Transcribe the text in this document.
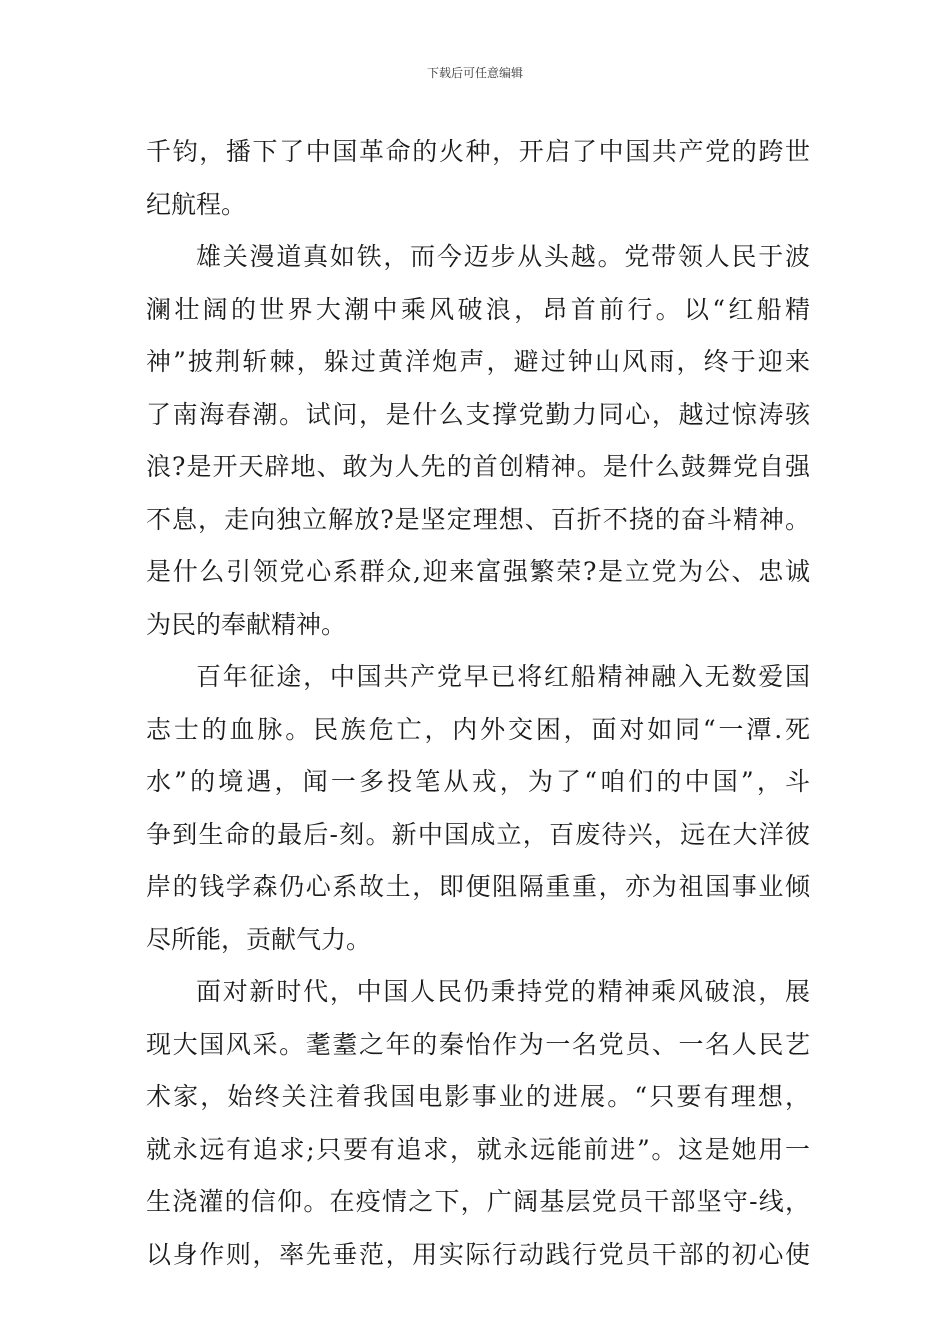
下载后可任意编辑
千钧，播下了中国革命的火种，开启了中国共产党的跨世
纪航程。
雄关漫道真如铁，而今迈步从头越。党带领人民于波
澜壮阔的世界大潮中乘风破浪，昂首前行。以“红船精
神”披荆斩棘，躲过黄洋炮声，避过钟山风雨，终于迎来
了南海春潮。试问，是什么支撑党勤力同心，越过惊涛骇
浪?是开天辟地、敢为人先的首创精神。是什么鼓舞党自强
不息，走向独立解放?是坚定理想、百折不挠的奋斗精神。
是什么引领党心系群众,迎来富强繁荣?是立党为公、忠诚
为民的奉献精神。
百年征途，中国共产党早已将红船精神融入无数爱国
志士的血脉。民族危亡，内外交困，面对如同“一潭.死
水”的境遇，闻一多投笔从戎，为了“咱们的中国”，斗
争到生命的最后-刻。新中国成立，百废待兴，远在大洋彼
岸的钱学森仍心系故土，即便阻隔重重，亦为祖国事业倾
尽所能，贡献气力。
面对新时代，中国人民仍秉持党的精神乘风破浪，展
现大国风采。耄耋之年的秦怡作为一名党员、一名人民艺
术家，始终关注着我国电影事业的进展。“只要有理想，
就永远有追求;只要有追求，就永远能前进”。这是她用一
生浇灌的信仰。在疫情之下，广阔基层党员干部坚守-线，
以身作则，率先垂范，用实际行动践行党员干部的初心使
